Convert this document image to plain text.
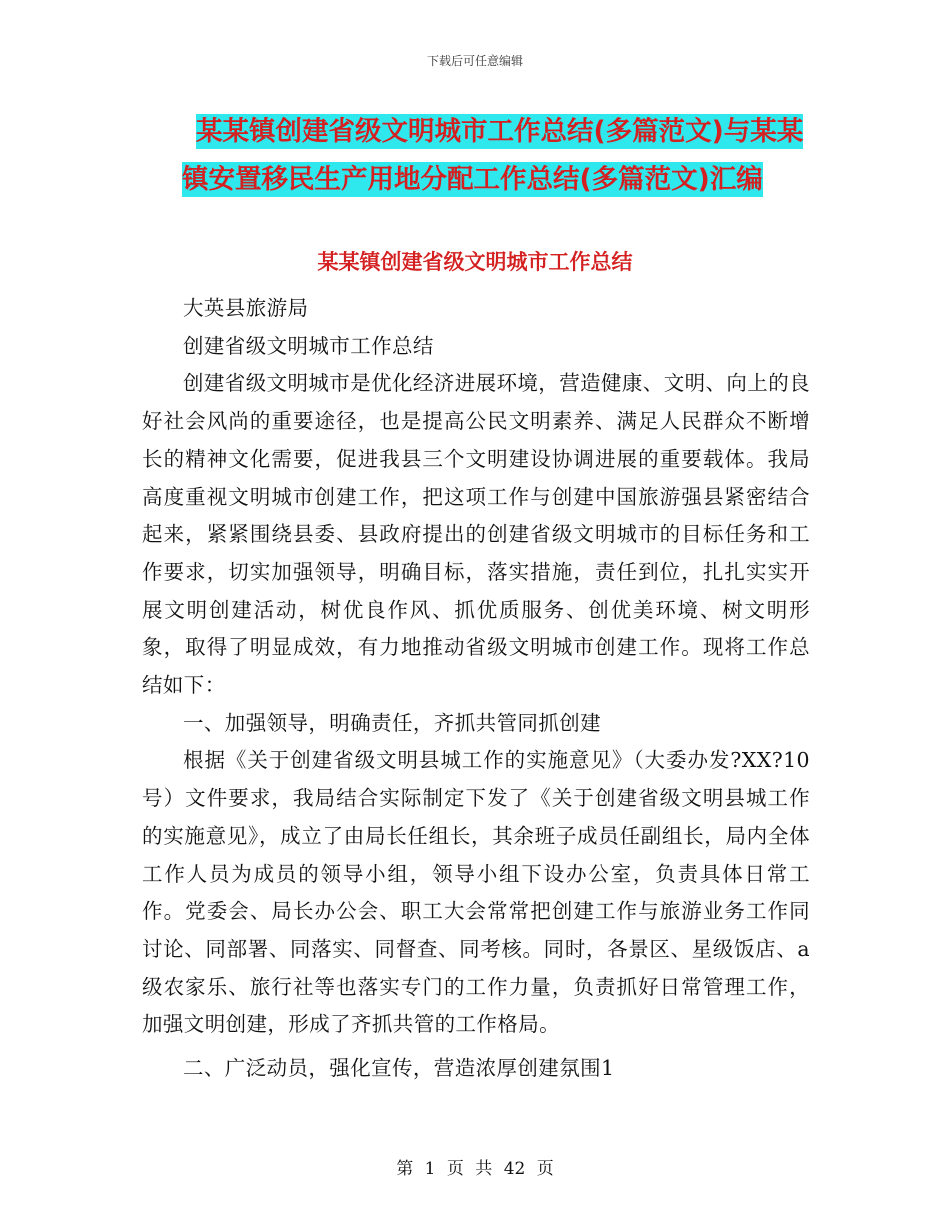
下载后可任意编辑
某某镇创建省级文明城市工作总结(多篇范文)与某某
镇安置移民生产用地分配工作总结(多篇范文)汇编
某某镇创建省级文明城市工作总结

大英县旅游局

创建省级文明城市工作总结

创建省级文明城市是优化经济进展环境，营造健康、文明、向上的良好社会风尚的重要途径，也是提高公民文明素养、满足人民群众不断增长的精神文化需要，促进我县三个文明建设协调进展的重要载体。我局高度重视文明城市创建工作，把这项工作与创建中国旅游强县紧密结合起来，紧紧围绕县委、县政府提出的创建省级文明城市的目标任务和工作要求，切实加强领导，明确目标，落实措施，责任到位，扎扎实实开展文明创建活动，树优良作风、抓优质服务、创优美环境、树文明形象，取得了明显成效，有力地推动省级文明城市创建工作。现将工作总结如下：

一、加强领导，明确责任，齐抓共管同抓创建

根据《关于创建省级文明县城工作的实施意见》（大委办发?XX?10号）文件要求，我局结合实际制定下发了《关于创建省级文明县城工作的实施意见》，成立了由局长任组长，其余班子成员任副组长，局内全体工作人员为成员的领导小组，领导小组下设办公室，负责具体日常工作。党委会、局长办公会、职工大会常常把创建工作与旅游业务工作同讨论、同部署、同落实、同督查、同考核。同时，各景区、星级饭店、a级农家乐、旅行社等也落实专门的工作力量，负责抓好日常管理工作，加强文明创建，形成了齐抓共管的工作格局。

二、广泛动员，强化宣传，营造浓厚创建氛围1

第 1 页 共 42 页
